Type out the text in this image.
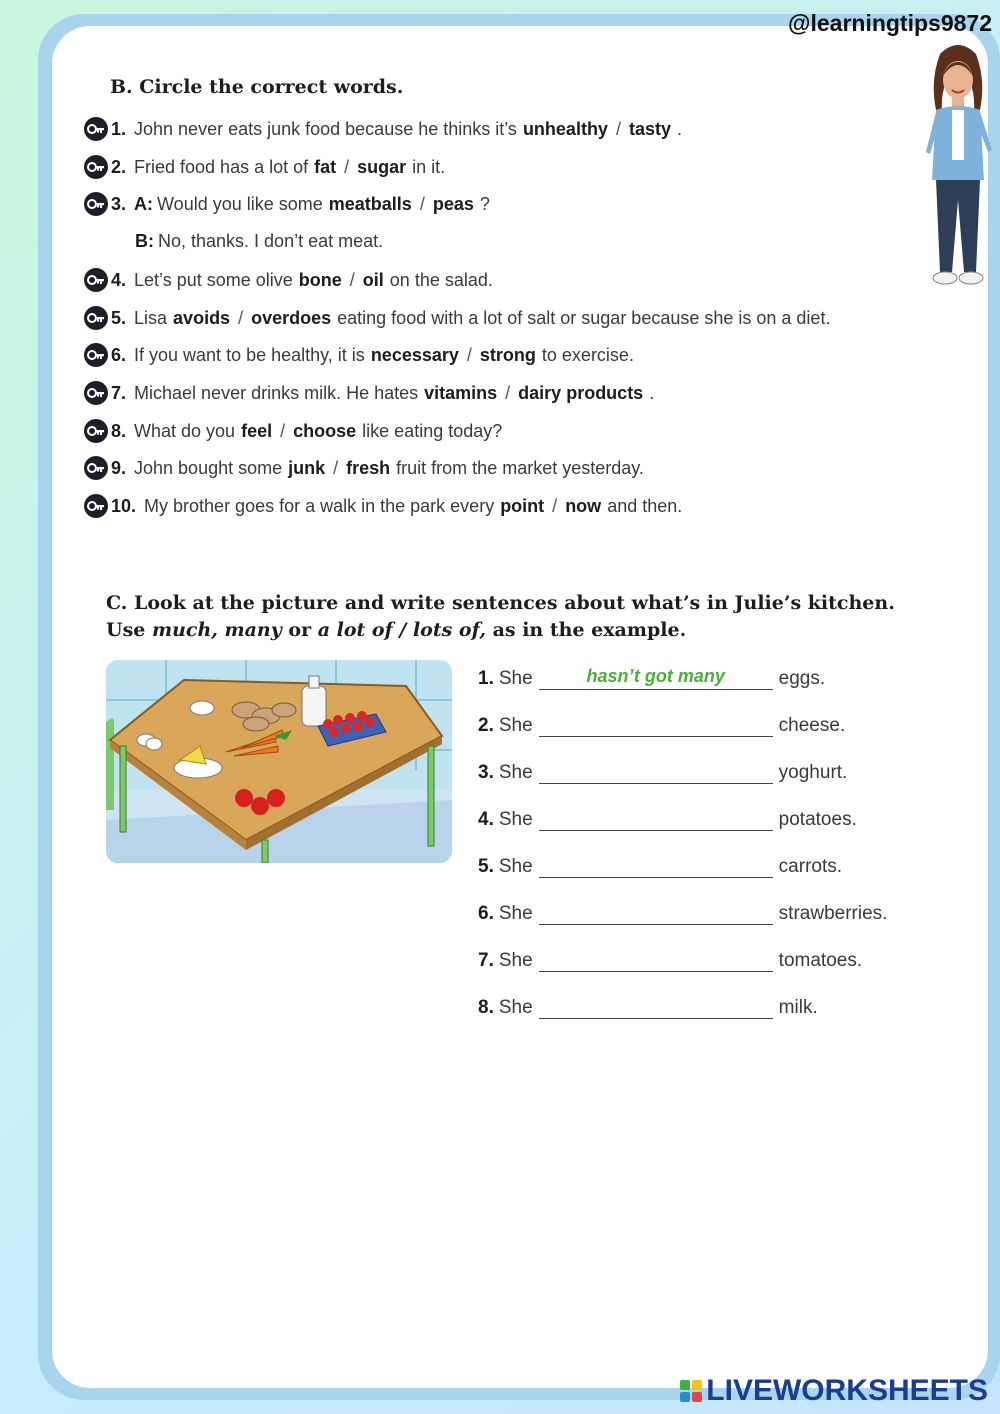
@learningtips9872
B. Circle the correct words.
1. John never eats junk food because he thinks it’s unhealthy / tasty .
2. Fried food has a lot of fat / sugar in it.
3. A: Would you like some meatballs / peas ?
B: No, thanks. I don’t eat meat.
4. Let’s put some olive bone / oil on the salad.
5. Lisa avoids / overdoes eating food with a lot of salt or sugar because she is on a diet.
6. If you want to be healthy, it is necessary / strong to exercise.
7. Michael never drinks milk. He hates vitamins / dairy products .
8. What do you feel / choose like eating today?
9. John bought some junk / fresh fruit from the market yesterday.
10. My brother goes for a walk in the park every point / now and then.
C. Look at the picture and write sentences about what’s in Julie’s kitchen.
Use much, many or a lot of / lots of, as in the example.
1. She	hasn’t got many	eggs.
2. She	cheese.
3. She	yoghurt.
4. She	potatoes.
5. She	carrots.
6. She	strawberries.
7. She	tomatoes.
8. She	milk.
LIVEWORKSHEETS
